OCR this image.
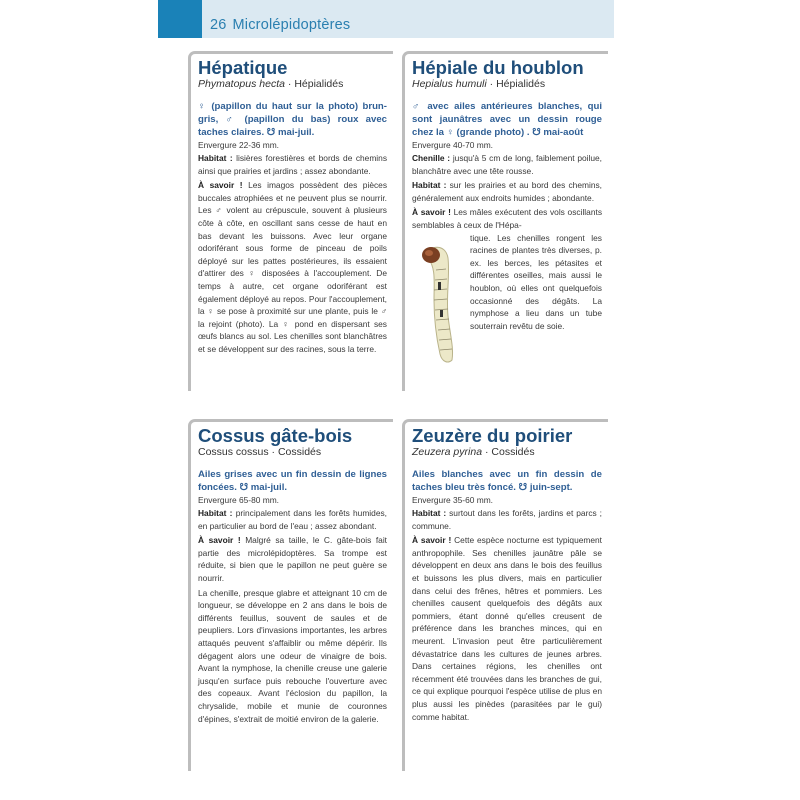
26 Microlépidoptères
Hépatique
Phymatopus hecta · Hépialidés
♀ (papillon du haut sur la photo) brun-gris, ♂ (papillon du bas) roux avec taches claires. ☋ mai-juil.
Envergure 22-36 mm.
Habitat : lisières forestières et bords de chemins ainsi que prairies et jardins ; assez abondante.
À savoir ! Les imagos possèdent des pièces buccales atrophiées et ne peuvent plus se nourrir. Les ♂ volent au crépuscule, souvent à plusieurs côte à côte, en oscillant sans cesse de haut en bas devant les buissons. Avec leur organe odoriférant sous forme de pinceau de poils déployé sur les pattes postérieures, ils essaient d'attirer des ♀ disposées à l'accouplement. De temps à autre, cet organe odoriférant est également déployé au repos. Pour l'accouplement, la ♀ se pose à proximité sur une plante, puis le ♂ la rejoint (photo). La ♀ pond en dispersant ses œufs blancs au sol. Les chenilles sont blanchâtres et se développent sur des racines, sous la terre.
Hépiale du houblon
Hepialus humuli · Hépialidés
♂ avec ailes antérieures blanches, qui sont jaunâtres avec un dessin rouge chez la ♀ (grande photo) . ☋ mai-août
Envergure 40-70 mm.
Chenille : jusqu'à 5 cm de long, faiblement poilue, blanchâtre avec une tête rousse.
Habitat : sur les prairies et au bord des chemins, généralement aux endroits humides ; abondante.
À savoir ! Les mâles exécutent des vols oscillants semblables à ceux de l'Hépa-
tique. Les chenilles rongent les racines de plantes très diverses, p. ex. les berces, les pétasites et différentes oseilles, mais aussi le houblon, où elles ont quelquefois occasionné des dégâts. La nymphose a lieu dans un tube souterrain revêtu de soie.
Cossus gâte-bois
Cossus cossus · Cossidés
Ailes grises avec un fin dessin de lignes foncées. ☋ mai-juil.
Envergure 65-80 mm.
Habitat : principalement dans les forêts humides, en particulier au bord de l'eau ; assez abondant.
À savoir ! Malgré sa taille, le C. gâte-bois fait partie des microlépidoptères. Sa trompe est réduite, si bien que le papillon ne peut guère se nourrir.
La chenille, presque glabre et atteignant 10 cm de longueur, se développe en 2 ans dans le bois de différents feuillus, souvent de saules et de peupliers. Lors d'invasions importantes, les arbres attaqués peuvent s'affaiblir ou même dépérir. Ils dégagent alors une odeur de vinaigre de bois. Avant la nymphose, la chenille creuse une galerie jusqu'en surface puis rebouche l'ouverture avec des copeaux. Avant l'éclosion du papillon, la chrysalide, mobile et munie de couronnes d'épines, s'extrait de moitié environ de la galerie.
Zeuzère du poirier
Zeuzera pyrina · Cossidés
Ailes blanches avec un fin dessin de taches bleu très foncé. ☋ juin-sept.
Envergure 35-60 mm.
Habitat : surtout dans les forêts, jardins et parcs ; commune.
À savoir ! Cette espèce nocturne est typiquement anthropophile. Ses chenilles jaunâtre pâle se développent en deux ans dans le bois des feuillus et buissons les plus divers, mais en particulier dans celui des frênes, hêtres et pommiers. Les chenilles causent quelquefois des dégâts aux pommiers, étant donné qu'elles creusent de préférence dans les branches minces, qui en meurent. L'invasion peut être particulièrement dévastatrice dans les cultures de jeunes arbres. Dans certaines régions, les chenilles ont récemment été trouvées dans les branches de gui, ce qui explique pourquoi l'espèce utilise de plus en plus aussi les pinèdes (parasitées par le gui) comme habitat.
